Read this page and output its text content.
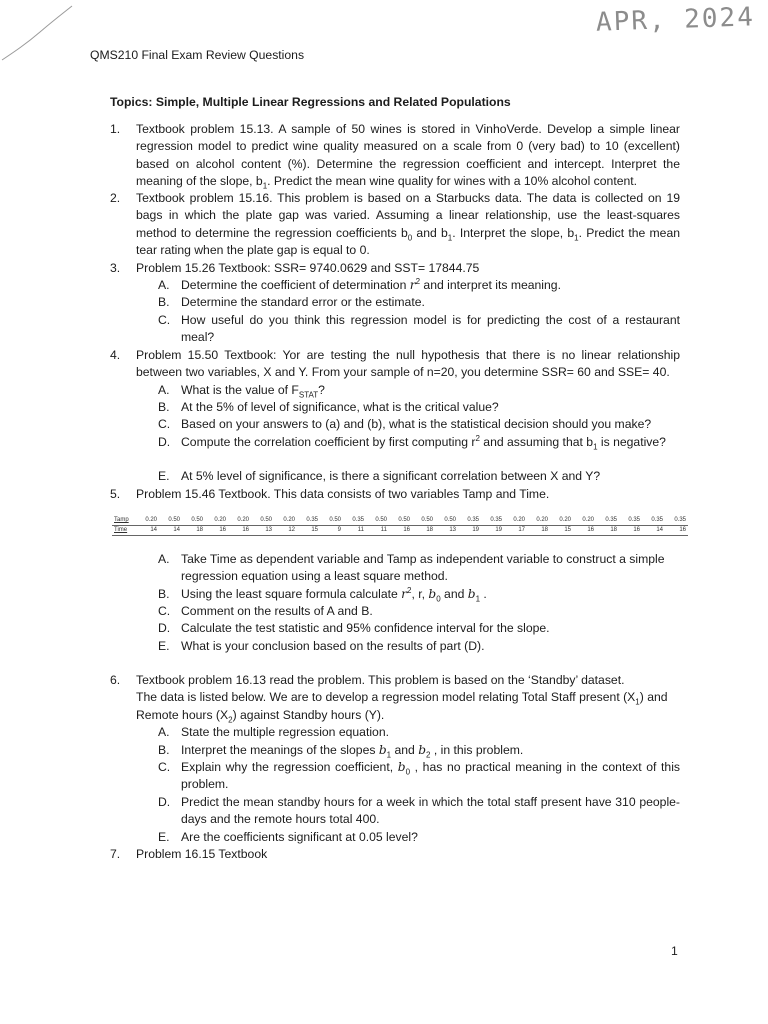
APR, 2024
QMS210 Final Exam Review Questions
Topics: Simple, Multiple Linear Regressions and Related Populations
1.	Textbook problem 15.13. A sample of 50 wines is stored in VinhoVerde. Develop a simple linear regression model to predict wine quality measured on a scale from 0 (very bad) to 10 (excellent) based on alcohol content (%). Determine the regression coefficient and intercept. Interpret the meaning of the slope, $b_1$. Predict the mean wine quality for wines with a 10% alcohol content.
2.	Textbook problem 15.16. This problem is based on a Starbucks data. The data is collected on 19 bags in which the plate gap was varied. Assuming a linear relationship, use the least-squares method to determine the regression coefficients $b_0$ and $b_1$. Interpret the slope, $b_1$. Predict the mean tear rating when the plate gap is equal to 0.
3.	Problem 15.26 Textbook: SSR= 9740.0629 and SST= 17844.75
A. Determine the coefficient of determination $r^2$ and interpret its meaning.
B. Determine the standard error or the estimate.
C. How useful do you think this regression model is for predicting the cost of a restaurant meal?
4.	Problem 15.50 Textbook: Yor are testing the null hypothesis that there is no linear relationship between two variables, X and Y. From your sample of n=20, you determine SSR= 60 and SSE= 40.
A. What is the value of $F_{STAT}$?
B. At the 5% of level of significance, what is the critical value?
C. Based on your answers to (a) and (b), what is the statistical decision should you make?
D. Compute the correlation coefficient by first computing $r^2$ and assuming that $b_1$ is negative?
E. At 5% level of significance, is there a significant correlation between X and Y?
5.	Problem 15.46 Textbook. This data consists of two variables Tamp and Time.
Tamp	0.20	0.50	0.50	0.20	0.20	0.50	0.20	0.35	0.50	0.35	0.50	0.50	0.50	0.50	0.35	0.35	0.20	0.20	0.20	0.20	0.35	0.35	0.35	0.35
Time	14	14	18	16	16	13	12	15	9	11	11	16	18	13	19	19	17	18	15	16	18	16	14	16
A. Take Time as dependent variable and Tamp as independent variable to construct a simple regression equation using a least square method.
B. Using the least square formula calculate $r^2$, r, $b_0$ and $b_1$ .
C. Comment on the results of A and B.
D. Calculate the test statistic and 95% confidence interval for the slope.
E. What is your conclusion based on the results of part (D).
6.	Textbook problem 16.13 read the problem. This problem is based on the ‘Standby’ dataset.
The data is listed below. We are to develop a regression model relating Total Staff present $(X_1)$ and Remote hours $(X_2)$ against Standby hours (Y).
A. State the multiple regression equation.
B. Interpret the meanings of the slopes $b_1$ and $b_2$ , in this problem.
C. Explain why the regression coefficient, $b_0$ , has no practical meaning in the context of this problem.
D. Predict the mean standby hours for a week in which the total staff present have 310 people-days and the remote hours total 400.
E. Are the coefficients significant at 0.05 level?
7.	Problem 16.15 Textbook
1
